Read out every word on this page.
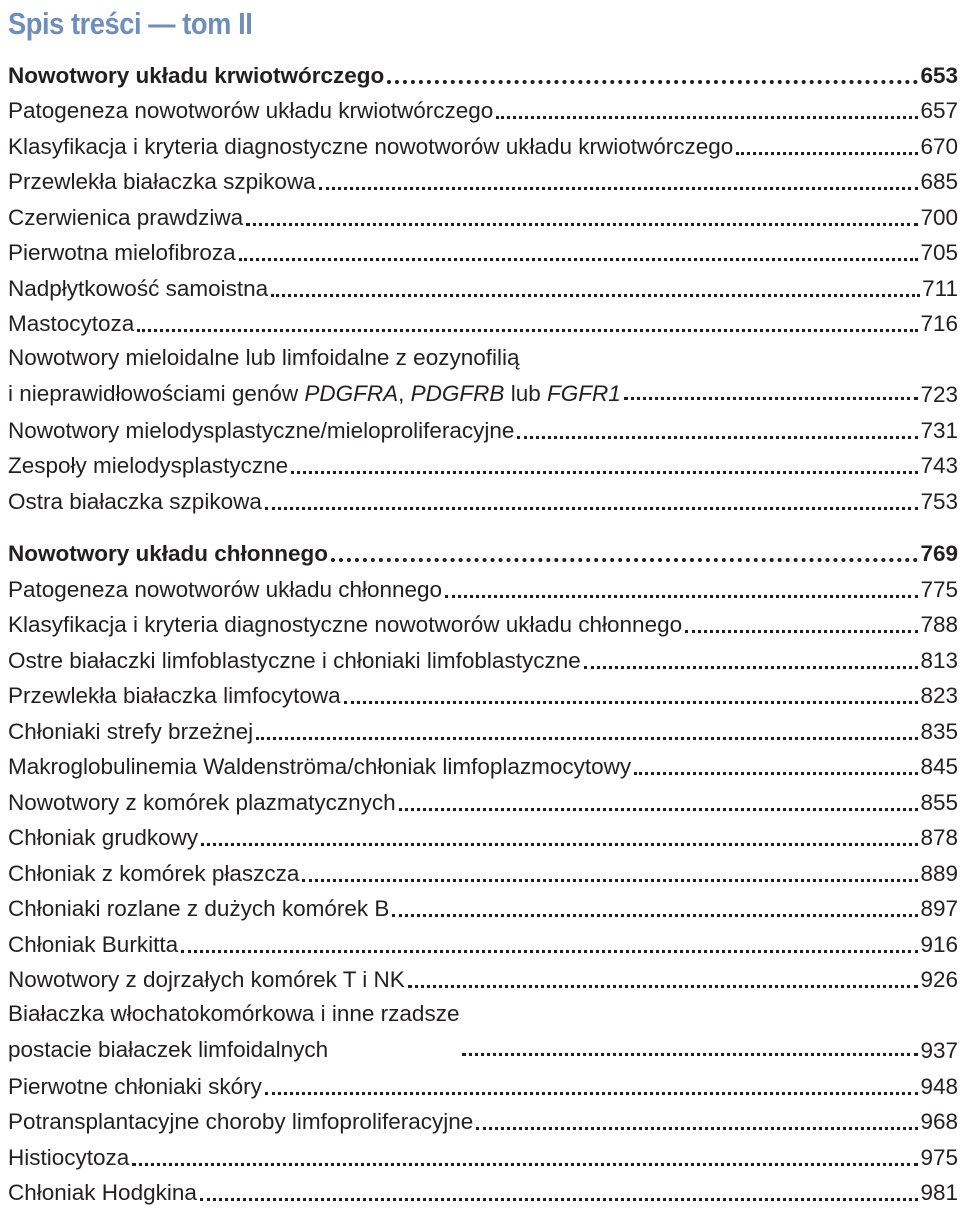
Spis treści — tom II
Nowotwory układu krwiotwórczego	653
Patogeneza nowotworów układu krwiotwórczego	657
Klasyfikacja i kryteria diagnostyczne nowotworów układu krwiotwórczego	670
Przewlekła białaczka szpikowa	685
Czerwienica prawdziwa	700
Pierwotna mielofibroza	705
Nadpłytkowość samoistna	711
Mastocytoza	716
Nowotwory mieloidalne lub limfoidalne z eozynofilią
i nieprawidłowościami genów PDGFRA, PDGFRB lub FGFR1	723
Nowotwory mielodysplastyczne/mieloproliferacyjne	731
Zespoły mielodysplastyczne	743
Ostra białaczka szpikowa	753
Nowotwory układu chłonnego	769
Patogeneza nowotworów układu chłonnego	775
Klasyfikacja i kryteria diagnostyczne nowotworów układu chłonnego	788
Ostre białaczki limfoblastyczne i chłoniaki limfoblastyczne	813
Przewlekła białaczka limfocytowa	823
Chłoniaki strefy brzeżnej	835
Makroglobulinemia Waldenströma/chłoniak limfoplazmocytowy	845
Nowotwory z komórek plazmatycznych	855
Chłoniak grudkowy	878
Chłoniak z komórek płaszcza	889
Chłoniaki rozlane z dużych komórek B	897
Chłoniak Burkitta	916
Nowotwory z dojrzałych komórek T i NK	926
Białaczka włochatokomórkowa i inne rzadsze
postacie białaczek limfoidalnych	937
Pierwotne chłoniaki skóry	948
Potransplantacyjne choroby limfoproliferacyjne	968
Histiocytoza	975
Chłoniak Hodgkina	981
